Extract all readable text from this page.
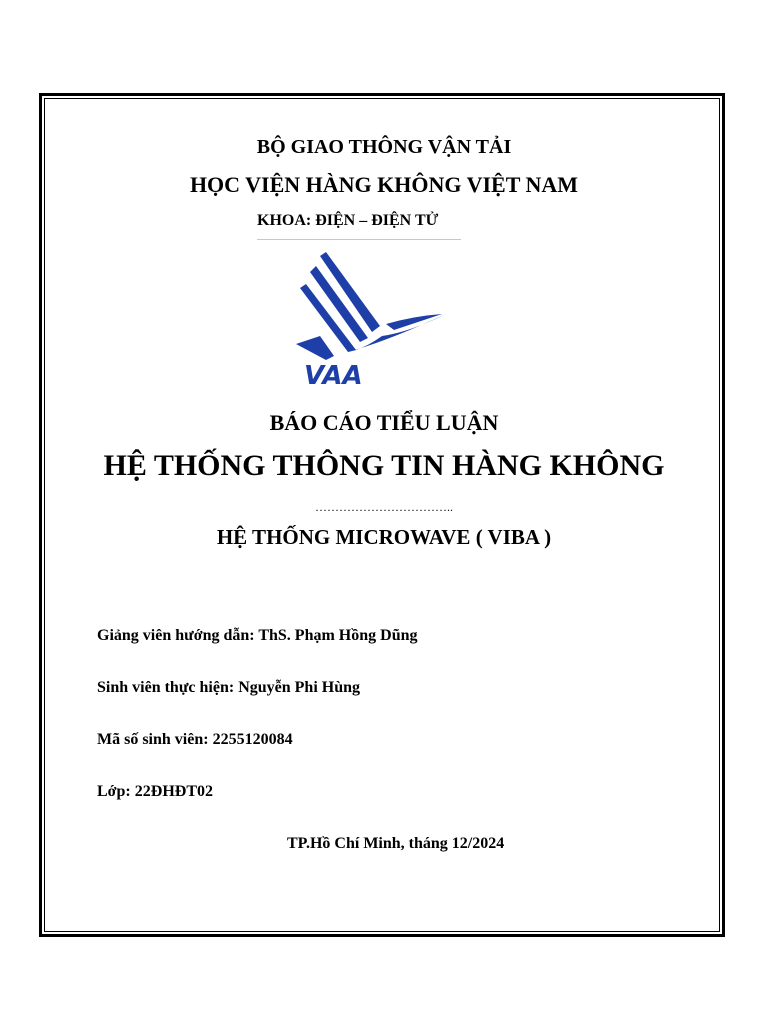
BỘ GIAO THÔNG VẬN TẢI
HỌC VIỆN HÀNG KHÔNG VIỆT NAM
KHOA: ĐIỆN – ĐIỆN TỬ
VAA
BÁO CÁO TIỂU LUẬN
HỆ THỐNG THÔNG TIN HÀNG KHÔNG
……………………………..
HỆ THỐNG MICROWAVE ( VIBA )
Giảng viên hướng dẫn: ThS. Phạm Hồng Dũng
Sinh viên thực hiện: Nguyễn Phi Hùng
Mã số sinh viên: 2255120084
Lớp: 22ĐHĐT02
TP.Hồ Chí Minh, tháng 12/2024
